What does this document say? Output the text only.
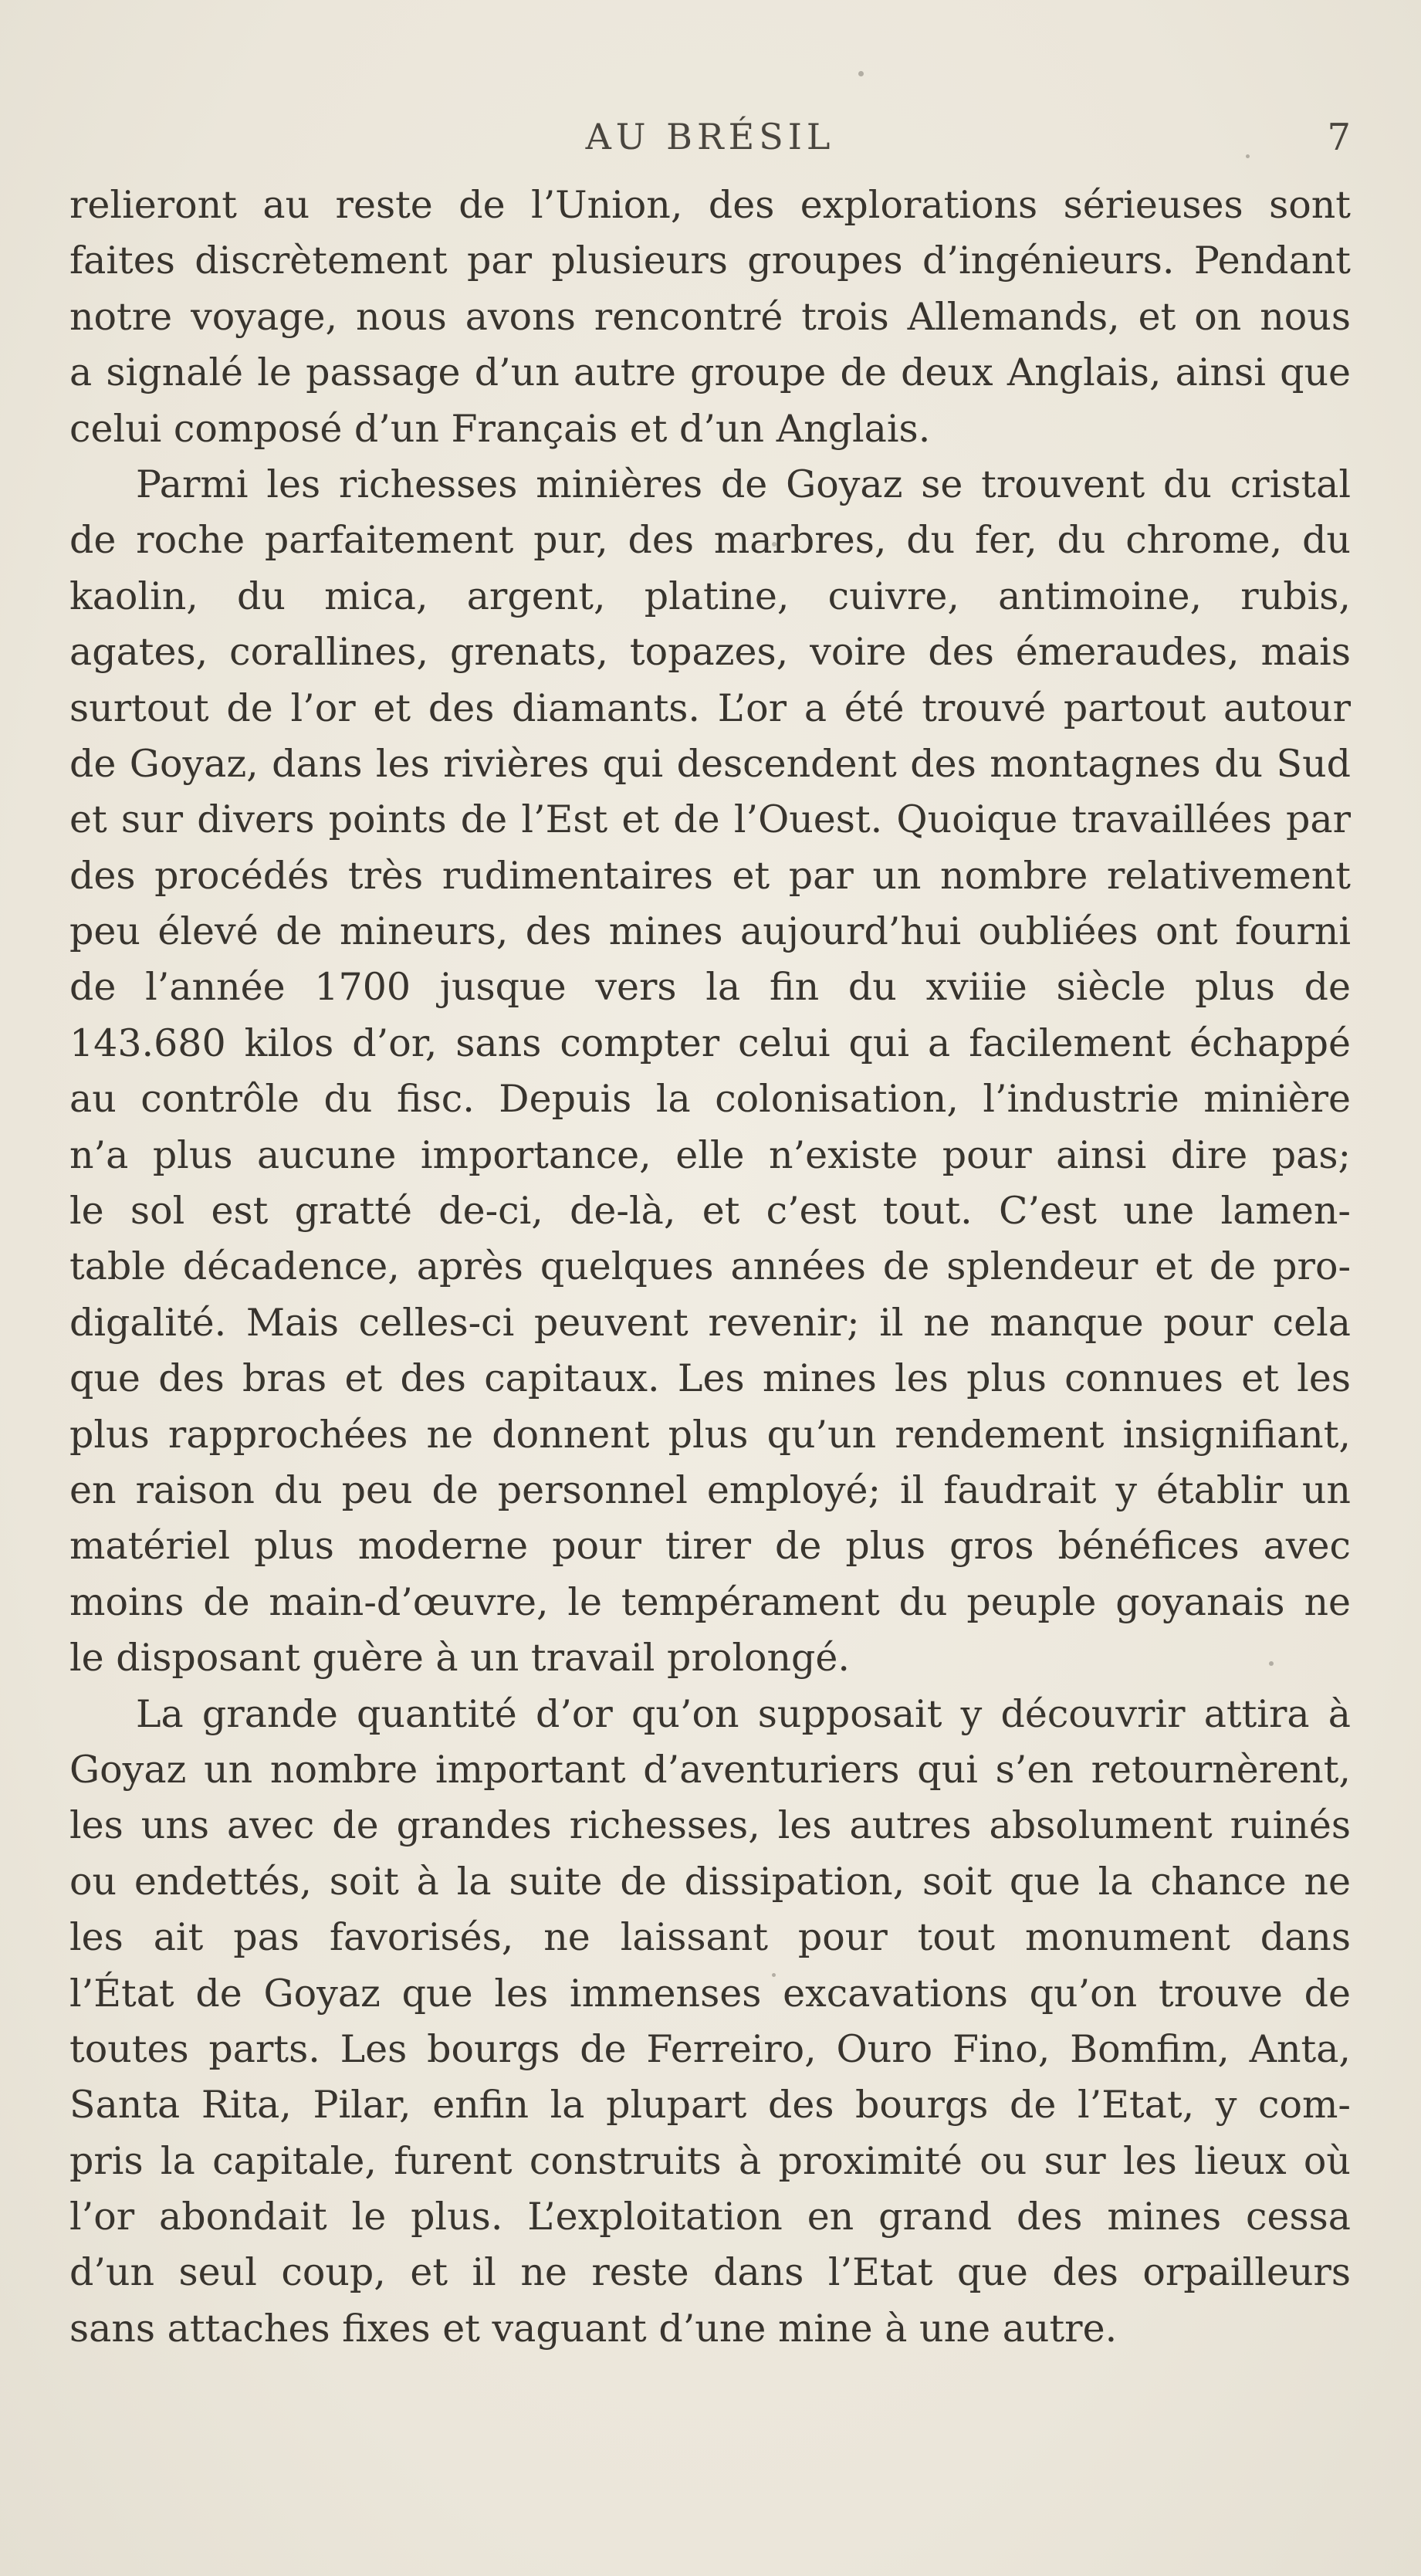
AU BRÉSIL	7
relieront au reste de l’Union, des explorations sérieuses sont
faites discrètement par plusieurs groupes d’ingénieurs. Pendant
notre voyage, nous avons rencontré trois Allemands, et on nous
a signalé le passage d’un autre groupe de deux Anglais, ainsi que
celui composé d’un Français et d’un Anglais.
Parmi les richesses minières de Goyaz se trouvent du cristal
de roche parfaitement pur, des marbres, du fer, du chrome, du
kaolin, du mica, argent, platine, cuivre, antimoine, rubis,
agates, corallines, grenats, topazes, voire des émeraudes, mais
surtout de l’or et des diamants. L’or a été trouvé partout autour
de Goyaz, dans les rivières qui descendent des montagnes du Sud
et sur divers points de l’Est et de l’Ouest. Quoique travaillées par
des procédés très rudimentaires et par un nombre relativement
peu élevé de mineurs, des mines aujourd’hui oubliées ont fourni
de l’année 1700 jusque vers la fin du xviiie siècle plus de
143.680 kilos d’or, sans compter celui qui a facilement échappé
au contrôle du fisc. Depuis la colonisation, l’industrie minière
n’a plus aucune importance, elle n’existe pour ainsi dire pas;
le sol est gratté de-ci, de-là, et c’est tout. C’est une lamen-
table décadence, après quelques années de splendeur et de pro-
digalité. Mais celles-ci peuvent revenir; il ne manque pour cela
que des bras et des capitaux. Les mines les plus connues et les
plus rapprochées ne donnent plus qu’un rendement insignifiant,
en raison du peu de personnel employé; il faudrait y établir un
matériel plus moderne pour tirer de plus gros bénéfices avec
moins de main-d’œuvre, le tempérament du peuple goyanais ne
le disposant guère à un travail prolongé.
La grande quantité d’or qu’on supposait y découvrir attira à
Goyaz un nombre important d’aventuriers qui s’en retournèrent,
les uns avec de grandes richesses, les autres absolument ruinés
ou endettés, soit à la suite de dissipation, soit que la chance ne
les ait pas favorisés, ne laissant pour tout monument dans
l’État de Goyaz que les immenses excavations qu’on trouve de
toutes parts. Les bourgs de Ferreiro, Ouro Fino, Bomfim, Anta,
Santa Rita, Pilar, enfin la plupart des bourgs de l’Etat, y com-
pris la capitale, furent construits à proximité ou sur les lieux où
l’or abondait le plus. L’exploitation en grand des mines cessa
d’un seul coup, et il ne reste dans l’Etat que des orpailleurs
sans attaches fixes et vaguant d’une mine à une autre.
